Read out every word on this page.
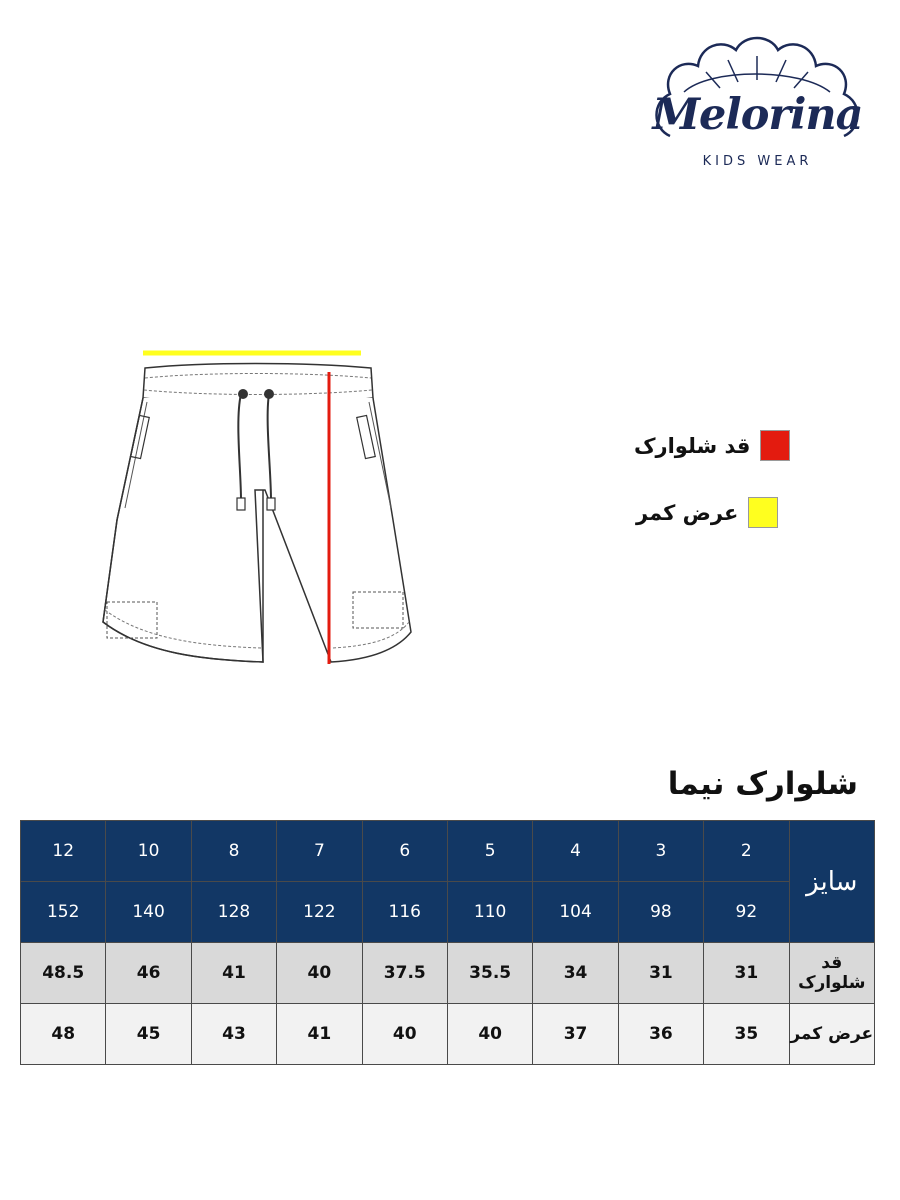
Melorina
KIDS WEAR
قد شلوارک
عرض کمر
شلوارک نیما
12	10	8	7	6	5	4	3	2	سایز
152	140	128	122	116	110	104	98	92	
48.5	46	41	40	37.5	35.5	34	31	31	قد شلوارک
48	45	43	41	40	40	37	36	35	عرض کمر
